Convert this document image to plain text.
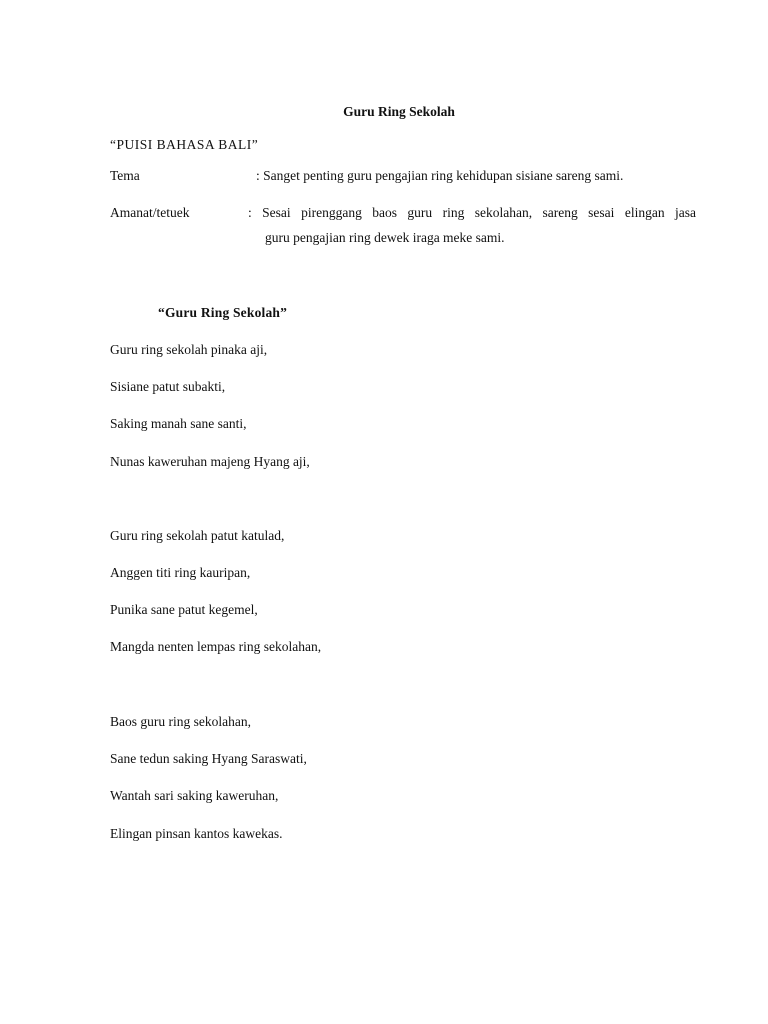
Guru Ring Sekolah
“PUISI BAHASA BALI”
Tema	: Sanget penting guru pengajian ring kehidupan sisiane sareng sami.
Amanat/tetuek	: Sesai pirenggang baos guru ring sekolahan, sareng sesai elingan jasa
guru pengajian ring dewek iraga meke sami.
“Guru Ring Sekolah”
Guru ring sekolah pinaka aji,
Sisiane patut subakti,
Saking manah sane santi,
Nunas kaweruhan majeng Hyang aji,
Guru ring sekolah patut katulad,
Anggen titi ring kauripan,
Punika sane patut kegemel,
Mangda nenten lempas ring sekolahan,
Baos guru ring sekolahan,
Sane tedun saking Hyang Saraswati,
Wantah sari saking kaweruhan,
Elingan pinsan kantos kawekas.
